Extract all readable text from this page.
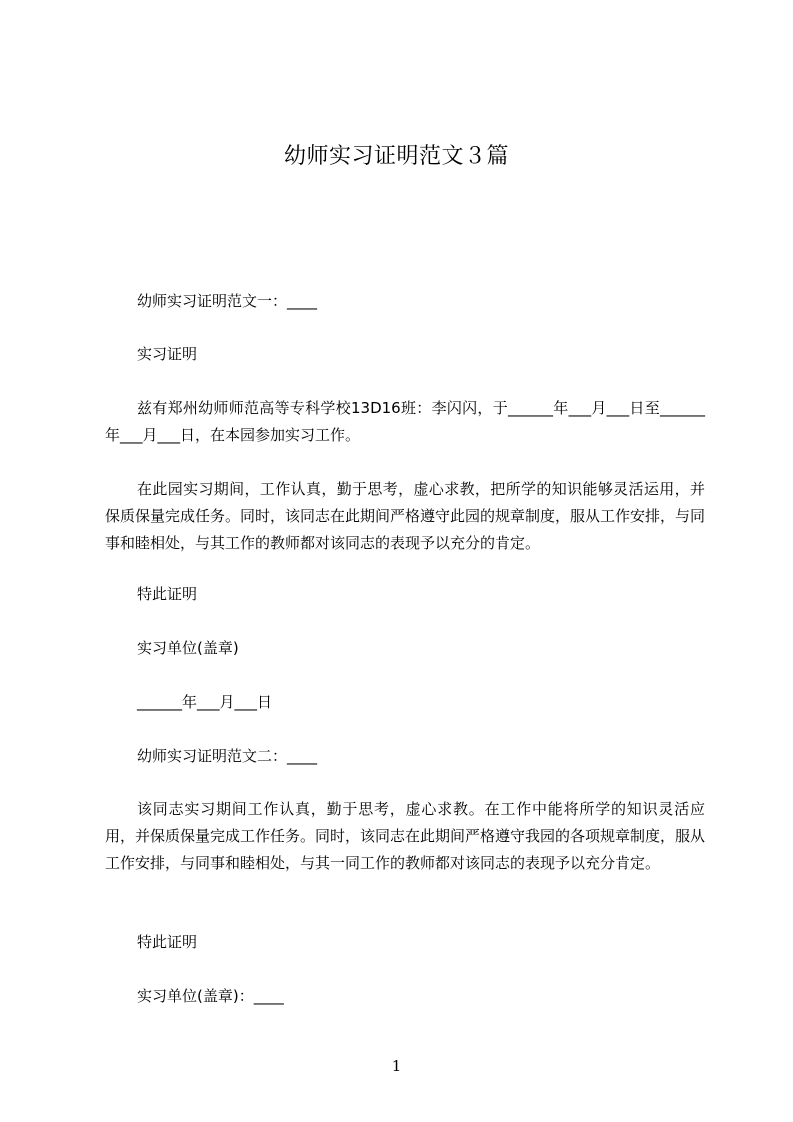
幼师实习证明范文３篇
幼师实习证明范文一：____
实习证明
兹有郑州幼师师范高等专科学校13D16班：李闪闪，于______年___月___日至______年___月___日，在本园参加实习工作。
在此园实习期间，工作认真，勤于思考，虚心求教，把所学的知识能够灵活运用，并保质保量完成任务。同时，该同志在此期间严格遵守此园的规章制度，服从工作安排，与同事和睦相处，与其工作的教师都对该同志的表现予以充分的肯定。
特此证明
实习单位(盖章)
______年___月___日
幼师实习证明范文二：____
该同志实习期间工作认真，勤于思考，虚心求教。在工作中能将所学的知识灵活应用，并保质保量完成工作任务。同时，该同志在此期间严格遵守我园的各项规章制度，服从工作安排，与同事和睦相处，与其一同工作的教师都对该同志的表现予以充分肯定。
特此证明
实习单位(盖章)：____
1
